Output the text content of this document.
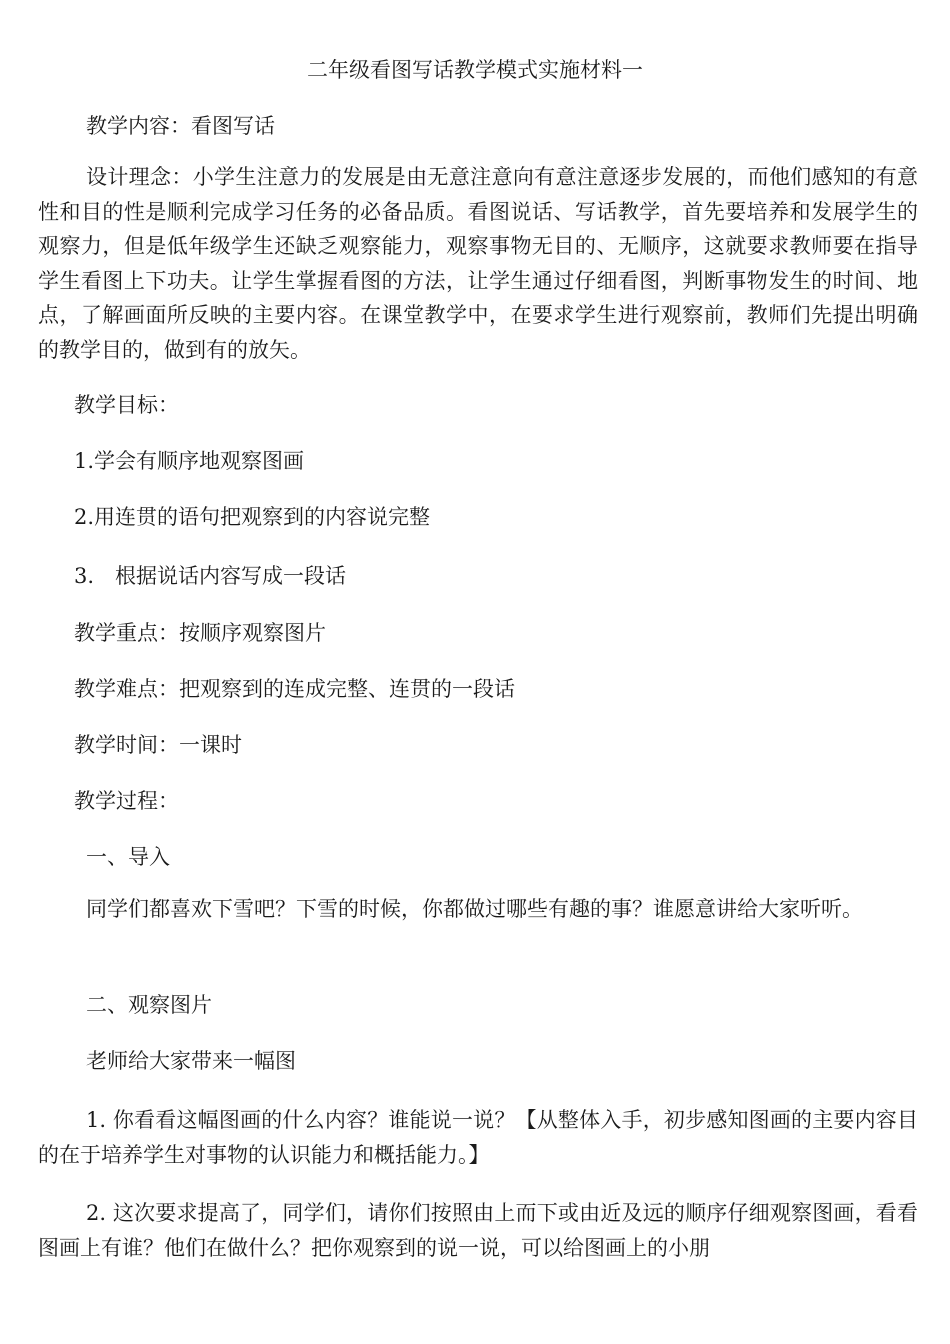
二年级看图写话教学模式实施材料一

教学内容：看图写话

设计理念：小学生注意力的发展是由无意注意向有意注意逐步发展的，而他们感知的有意性和目的性是顺利完成学习任务的必备品质。看图说话、写话教学，首先要培养和发展学生的观察力，但是低年级学生还缺乏观察能力，观察事物无目的、无顺序，这就要求教师要在指导学生看图上下功夫。让学生掌握看图的方法，让学生通过仔细看图，判断事物发生的时间、地点，了解画面所反映的主要内容。在课堂教学中，在要求学生进行观察前，教师们先提出明确的教学目的，做到有的放矢。

教学目标：

1.学会有顺序地观察图画

2.用连贯的语句把观察到的内容说完整

3.　根据说话内容写成一段话

教学重点：按顺序观察图片

教学难点：把观察到的连成完整、连贯的一段话

教学时间：一课时

教学过程：

一、导入

同学们都喜欢下雪吧？下雪的时候，你都做过哪些有趣的事？谁愿意讲给大家听听。

二、观察图片

老师给大家带来一幅图

1. 你看看这幅图画的什么内容？谁能说一说？【从整体入手，初步感知图画的主要内容目的在于培养学生对事物的认识能力和概括能力。】

2. 这次要求提高了，同学们，请你们按照由上而下或由近及远的顺序仔细观察图画，看看图画上有谁？他们在做什么？把你观察到的说一说，可以给图画上的小朋
